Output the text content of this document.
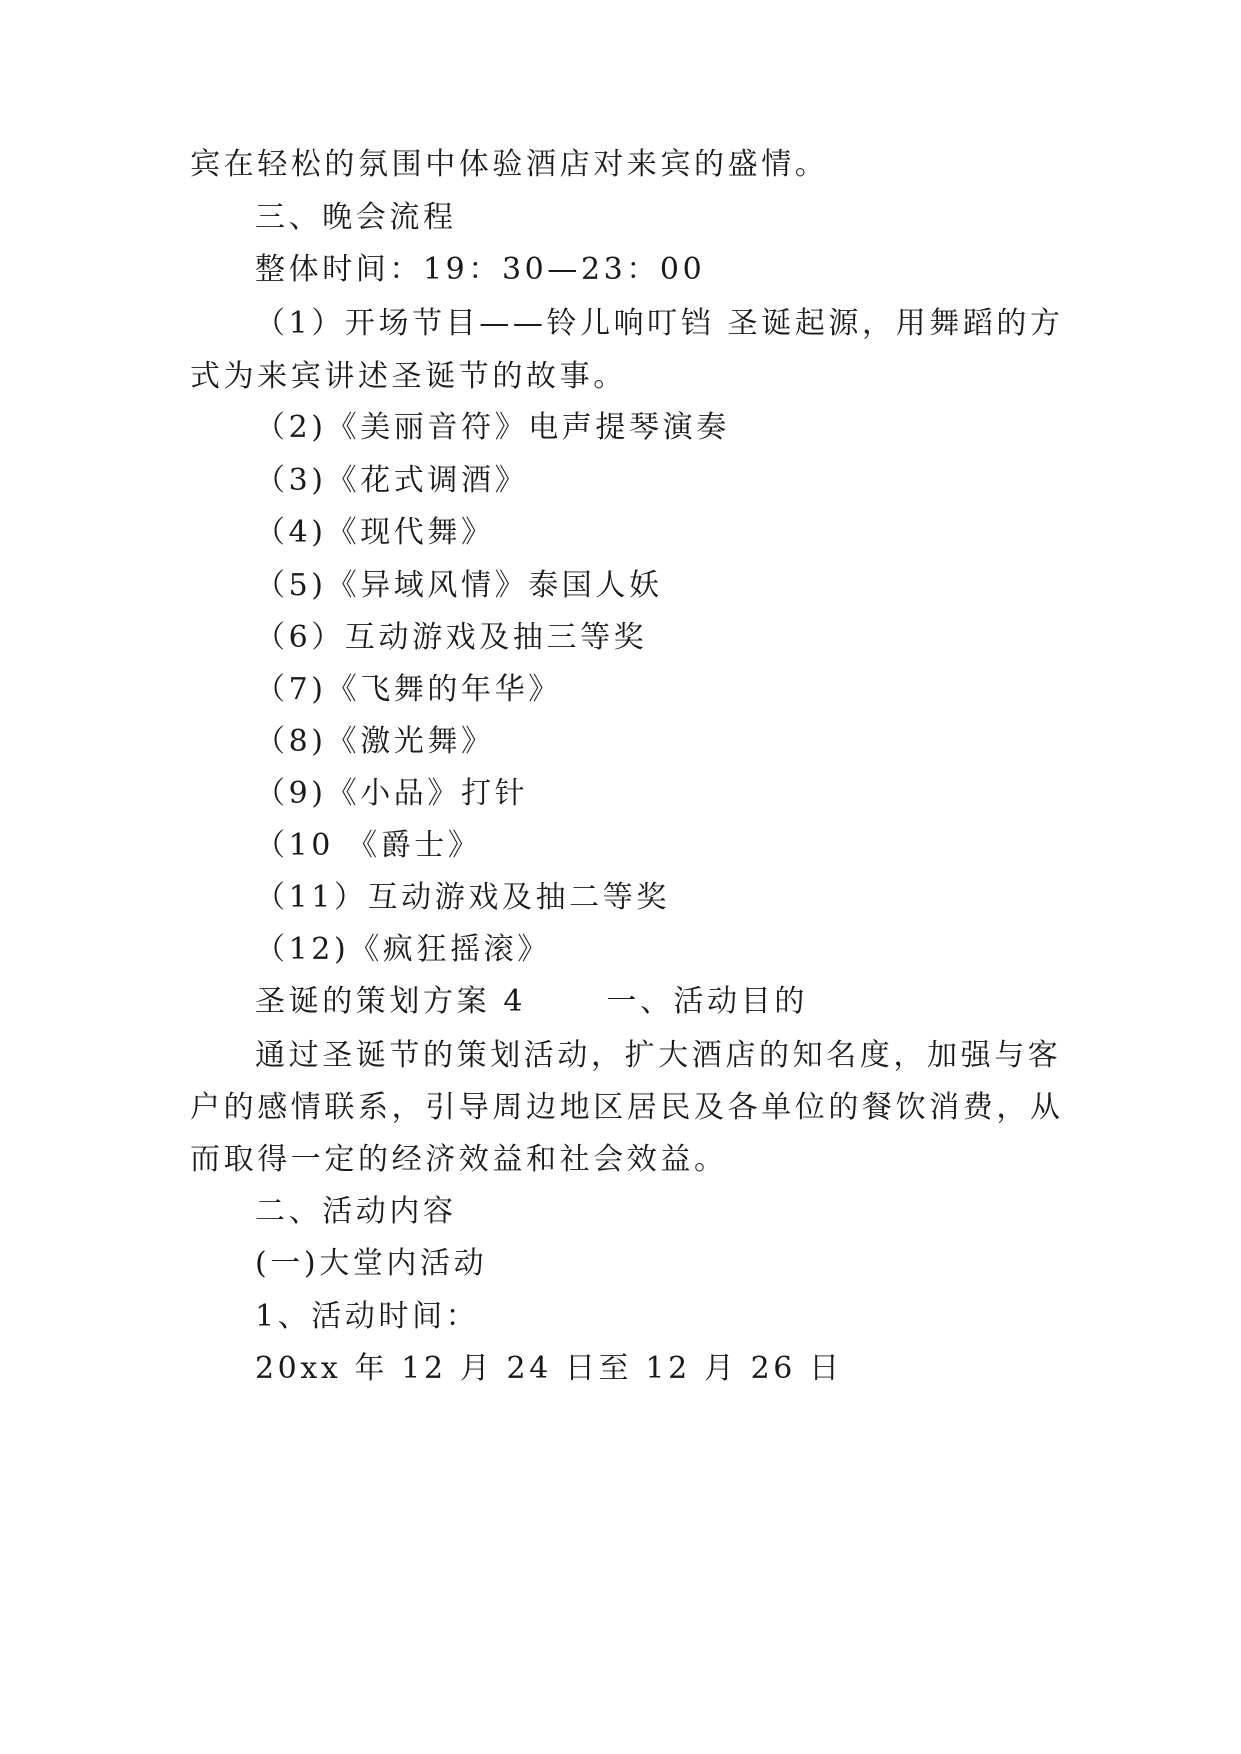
宾在轻松的氛围中体验酒店对来宾的盛情。
三、晚会流程
整体时间：19：30—23：00
（1）开场节目——铃儿响叮铛 圣诞起源，用舞蹈的方
式为来宾讲述圣诞节的故事。
（2)《美丽音符》电声提琴演奏
（3)《花式调酒》
（4)《现代舞》
（5)《异域风情》泰国人妖
（6）互动游戏及抽三等奖
（7)《飞舞的年华》
（8)《激光舞》
（9)《小品》打针
（10 《爵士》
（11）互动游戏及抽二等奖
（12)《疯狂摇滚》
圣诞的策划方案 4　　 一、活动目的
通过圣诞节的策划活动，扩大酒店的知名度，加强与客
户的感情联系，引导周边地区居民及各单位的餐饮消费，从
而取得一定的经济效益和社会效益。
二、活动内容
(一)大堂内活动
1、活动时间：
20xx 年 12 月 24 日至 12 月 26 日
